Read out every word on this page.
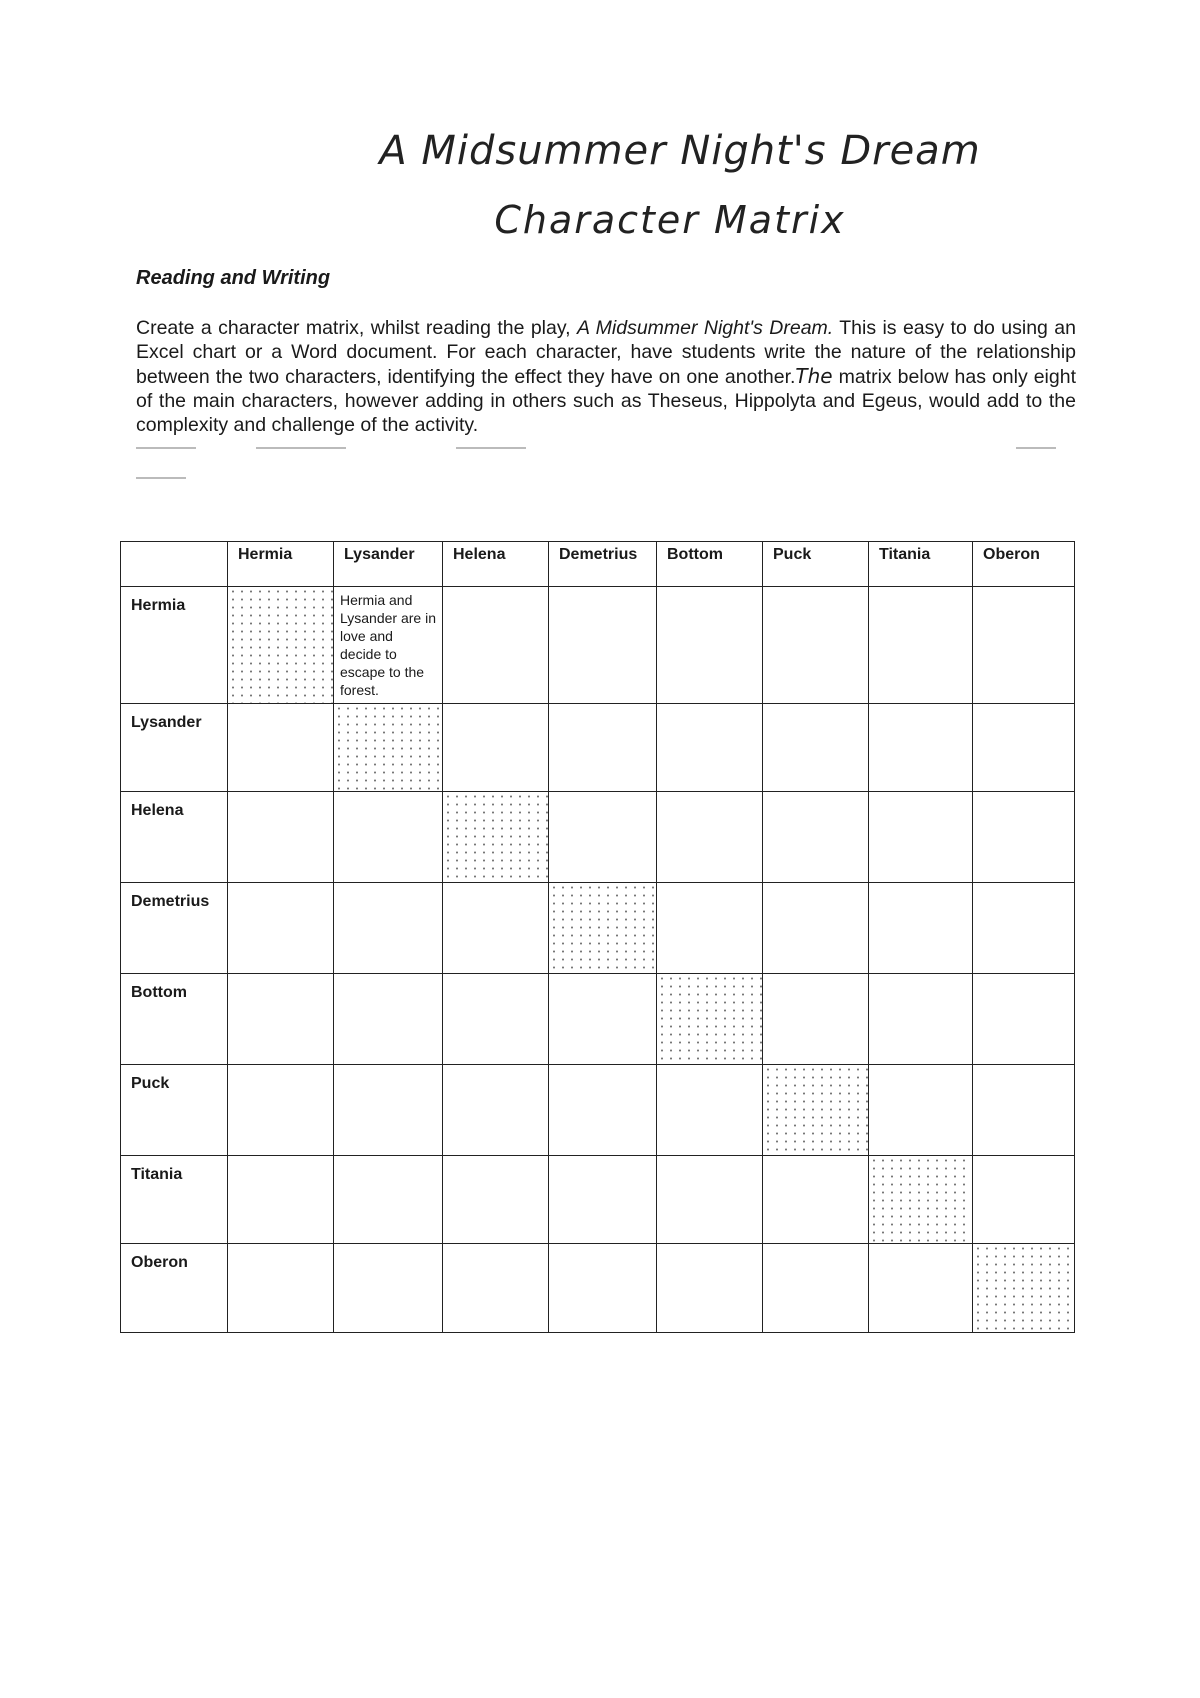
A Midsummer Night's Dream
Character Matrix
Reading and Writing
Create a character matrix, whilst reading the play, A Midsummer Night's Dream. This is easy to do using an Excel chart or a Word document. For each character, have students write the nature of the relationship between the two characters, identifying the effect they have on one another.The matrix below has only eight of the main characters, however adding in others such as Theseus, Hippolyta and Egeus, would add to the complexity and challenge of the activity.
	Hermia	Lysander	Helena	Demetrius	Bottom	Puck	Titania	Oberon
Hermia		Hermia and Lysander are in love and decide to escape to the forest.						
Lysander								
Helena								
Demetrius								
Bottom								
Puck								
Titania								
Oberon								
